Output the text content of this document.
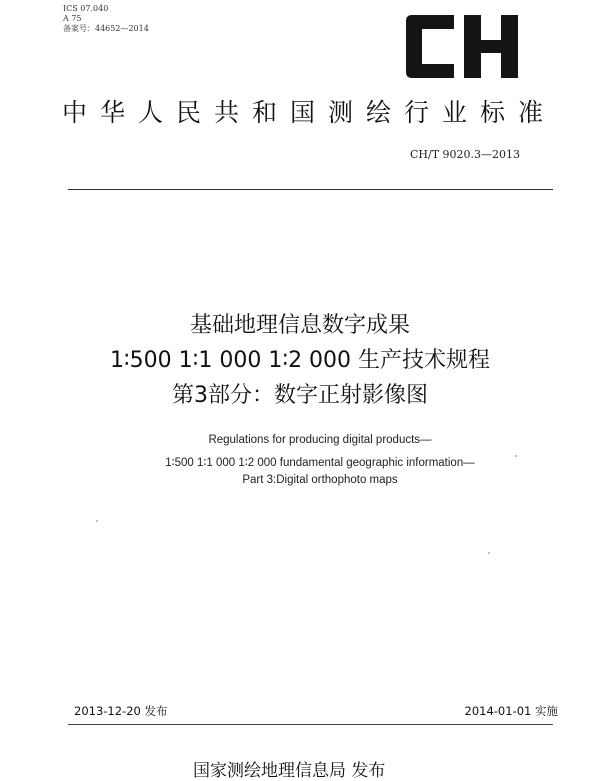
ICS 07.040
A 75
备案号：44652—2014
中华人民共和国测绘行业标准
CH/T 9020.3—2013
基础地理信息数字成果
1∶500 1∶1 000 1∶2 000 生产技术规程
第3部分：数字正射影像图
Regulations for producing digital products—
1∶500 1∶1 000 1∶2 000 fundamental geographic information—
Part 3:Digital orthophoto maps
2013-12-20 发布	2014-01-01 实施
国家测绘地理信息局 发布
